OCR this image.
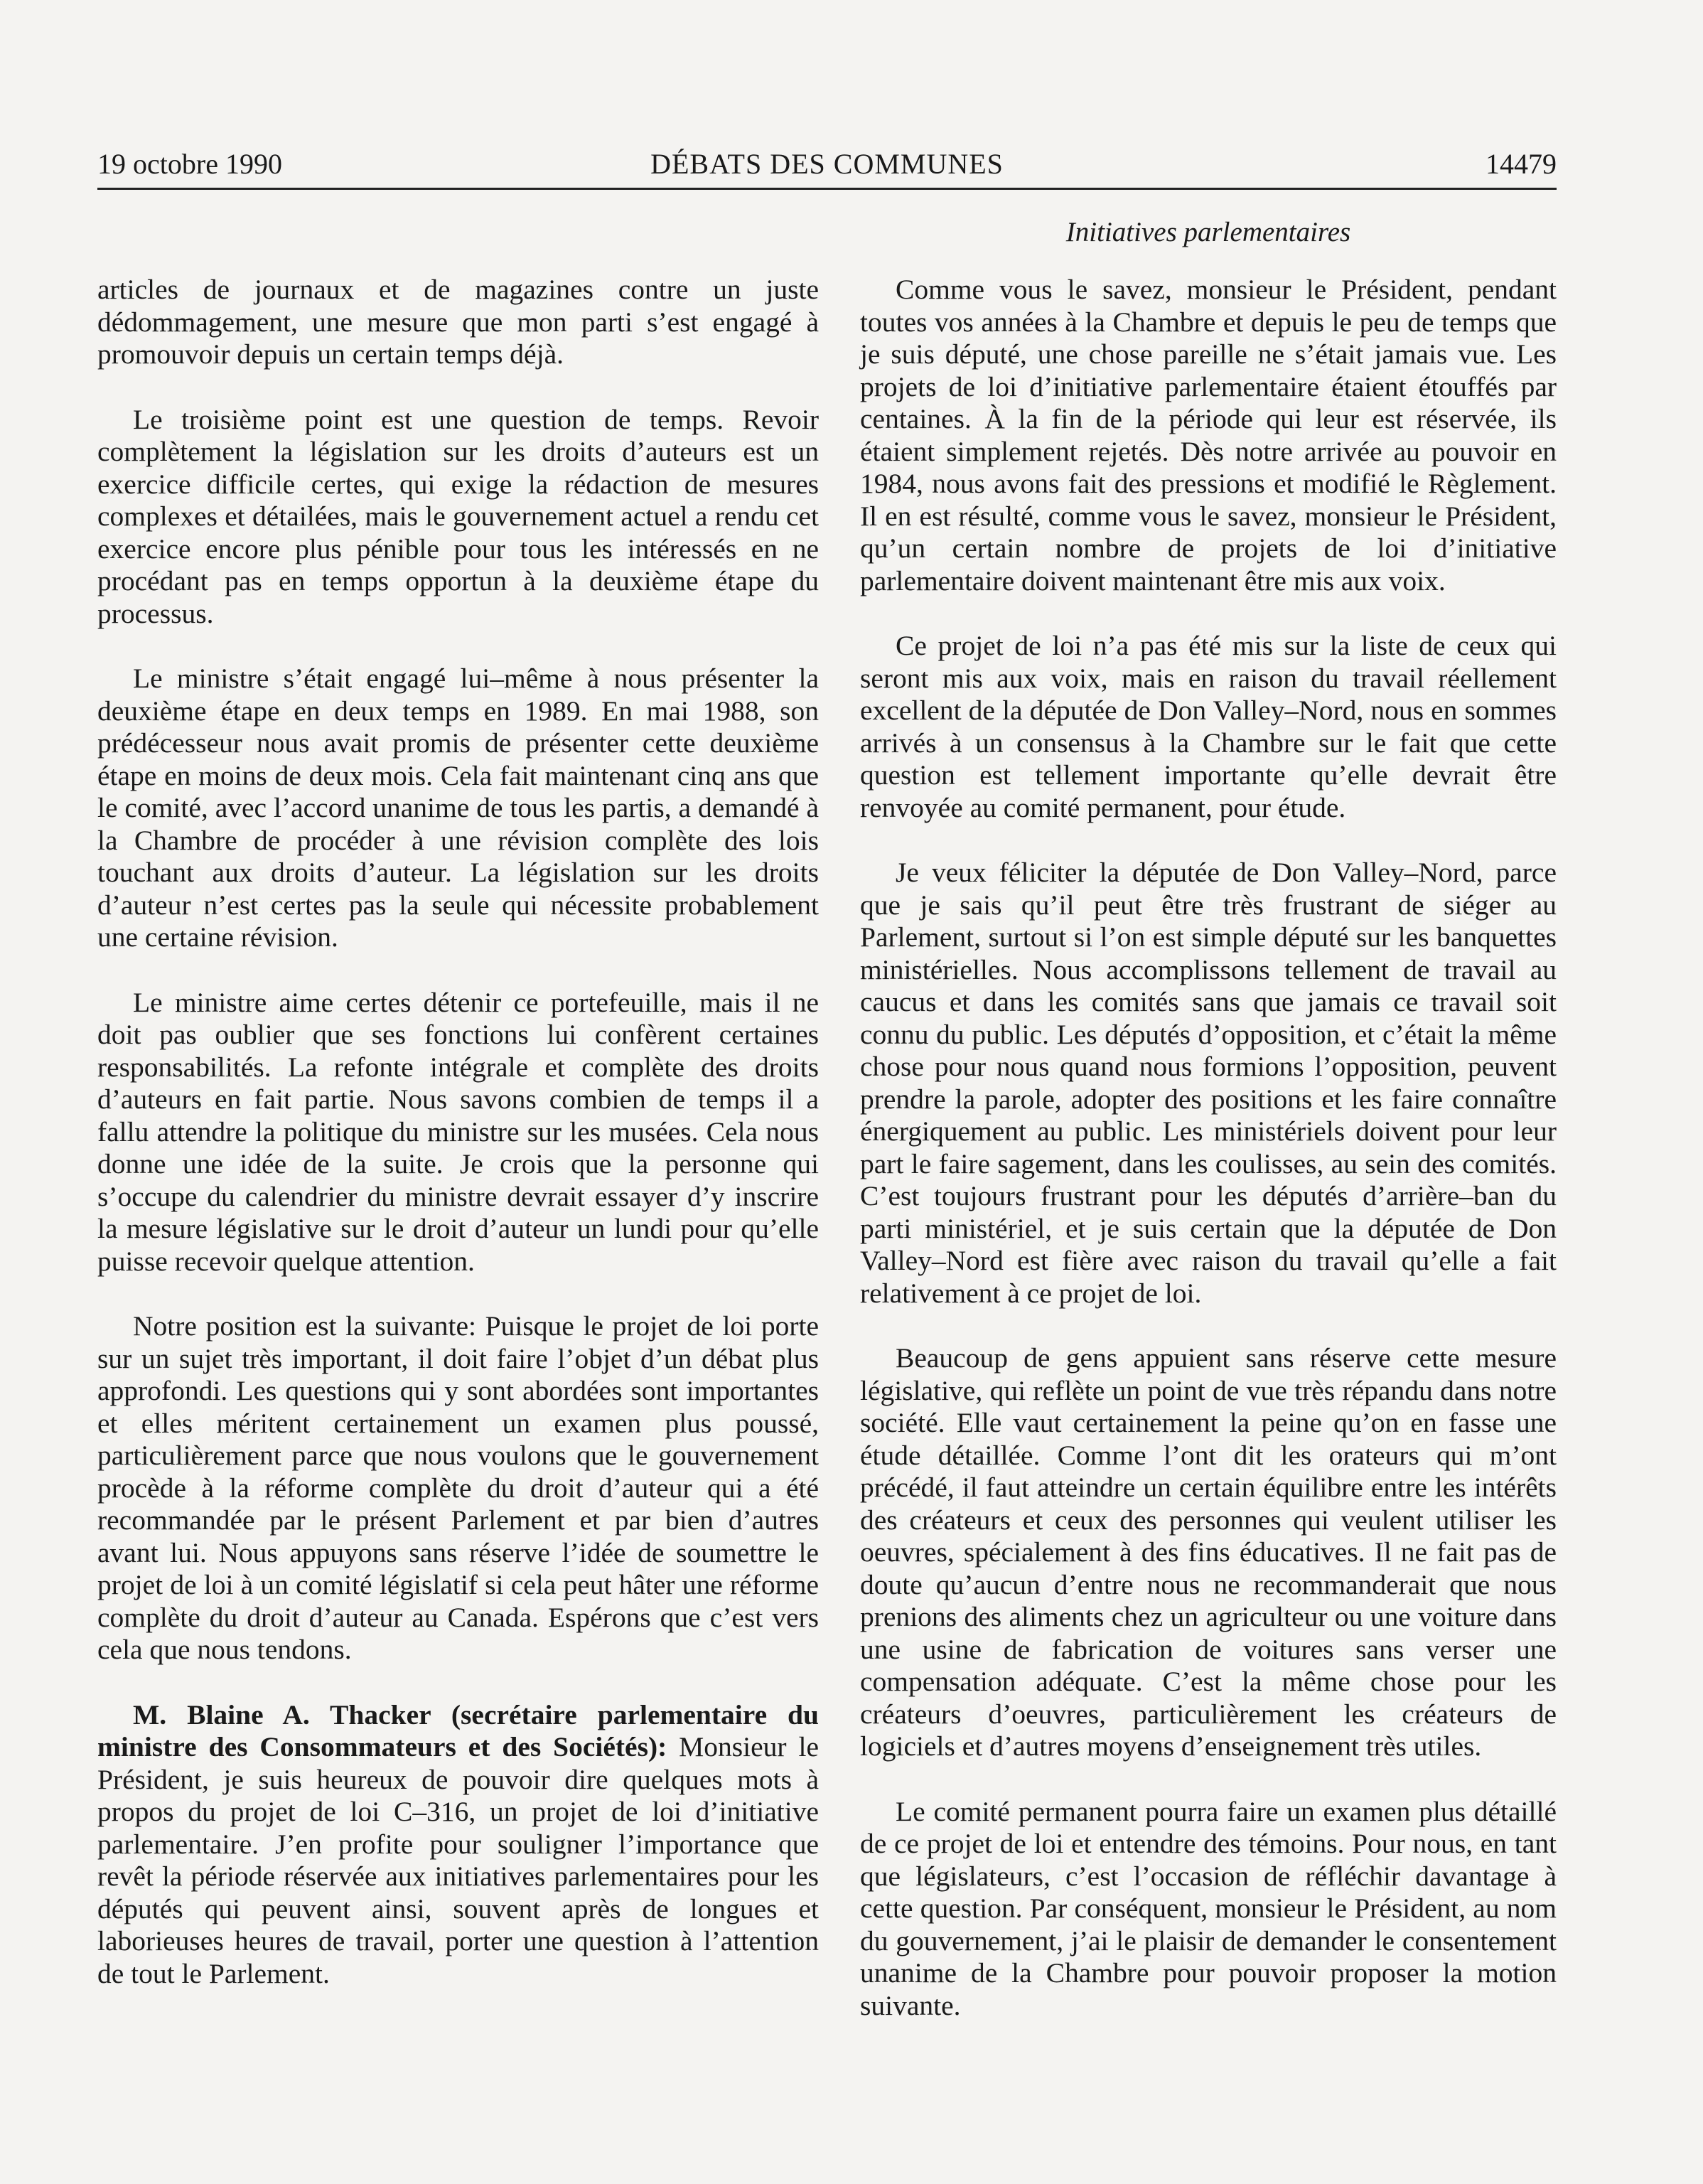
19 octobre 1990	DÉBATS DES COMMUNES	14479
Initiatives parlementaires

articles de journaux et de magazines contre un juste dédommagement, une mesure que mon parti s’est engagé à promouvoir depuis un certain temps déjà.

Le troisième point est une question de temps. Revoir complètement la législation sur les droits d’auteurs est un exercice difficile certes, qui exige la rédaction de mesures complexes et détailées, mais le gouvernement actuel a rendu cet exercice encore plus pénible pour tous les intéressés en ne procédant pas en temps opportun à la deuxième étape du processus.

Le ministre s’était engagé lui–même à nous présenter la deuxième étape en deux temps en 1989. En mai 1988, son prédécesseur nous avait promis de présenter cette deuxième étape en moins de deux mois. Cela fait maintenant cinq ans que le comité, avec l’accord unanime de tous les partis, a demandé à la Chambre de procéder à une révision complète des lois touchant aux droits d’auteur. La législation sur les droits d’auteur n’est certes pas la seule qui nécessite probablement une certaine révision.

Le ministre aime certes détenir ce portefeuille, mais il ne doit pas oublier que ses fonctions lui confèrent certaines responsabilités. La refonte intégrale et complète des droits d’auteurs en fait partie. Nous savons combien de temps il a fallu attendre la politique du ministre sur les musées. Cela nous donne une idée de la suite. Je crois que la personne qui s’occupe du calendrier du ministre devrait essayer d’y inscrire la mesure législative sur le droit d’auteur un lundi pour qu’elle puisse recevoir quelque attention.

Notre position est la suivante: Puisque le projet de loi porte sur un sujet très important, il doit faire l’objet d’un débat plus approfondi. Les questions qui y sont abordées sont importantes et elles méritent certainement un examen plus poussé, particulièrement parce que nous voulons que le gouvernement procède à la réforme complète du droit d’auteur qui a été recommandée par le présent Parlement et par bien d’autres avant lui. Nous appuyons sans réserve l’idée de soumettre le projet de loi à un comité législatif si cela peut hâter une réforme complète du droit d’auteur au Canada. Espérons que c’est vers cela que nous tendons.

M. Blaine A. Thacker (secrétaire parlementaire du ministre des Consommateurs et des Sociétés): Monsieur le Président, je suis heureux de pouvoir dire quelques mots à propos du projet de loi C–316, un projet de loi d’initiative parlementaire. J’en profite pour souligner l’importance que revêt la période réservée aux initiatives parlementaires pour les députés qui peuvent ainsi, souvent après de longues et laborieuses heures de travail, porter une question à l’attention de tout le Parlement.

Comme vous le savez, monsieur le Président, pendant toutes vos années à la Chambre et depuis le peu de temps que je suis député, une chose pareille ne s’était jamais vue. Les projets de loi d’initiative parlementaire étaient étouffés par centaines. À la fin de la période qui leur est réservée, ils étaient simplement rejetés. Dès notre arrivée au pouvoir en 1984, nous avons fait des pressions et modifié le Règlement. Il en est résulté, comme vous le savez, monsieur le Président, qu’un certain nombre de projets de loi d’initiative parlementaire doivent maintenant être mis aux voix.

Ce projet de loi n’a pas été mis sur la liste de ceux qui seront mis aux voix, mais en raison du travail réellement excellent de la députée de Don Valley–Nord, nous en sommes arrivés à un consensus à la Chambre sur le fait que cette question est tellement importante qu’elle devrait être renvoyée au comité permanent, pour étude.

Je veux féliciter la députée de Don Valley–Nord, parce que je sais qu’il peut être très frustrant de siéger au Parlement, surtout si l’on est simple député sur les banquettes ministérielles. Nous accomplissons tellement de travail au caucus et dans les comités sans que jamais ce travail soit connu du public. Les députés d’opposition, et c’était la même chose pour nous quand nous formions l’opposition, peuvent prendre la parole, adopter des positions et les faire connaître énergiquement au public. Les ministériels doivent pour leur part le faire sagement, dans les coulisses, au sein des comités. C’est toujours frustrant pour les députés d’arrière–ban du parti ministériel, et je suis certain que la députée de Don Valley–Nord est fière avec raison du travail qu’elle a fait relativement à ce projet de loi.

Beaucoup de gens appuient sans réserve cette mesure législative, qui reflète un point de vue très répandu dans notre société. Elle vaut certainement la peine qu’on en fasse une étude détaillée. Comme l’ont dit les orateurs qui m’ont précédé, il faut atteindre un certain équilibre entre les intérêts des créateurs et ceux des personnes qui veulent utiliser les oeuvres, spécialement à des fins éducatives. Il ne fait pas de doute qu’aucun d’entre nous ne recommanderait que nous prenions des aliments chez un agriculteur ou une voiture dans une usine de fabrication de voitures sans verser une compensation adéquate. C’est la même chose pour les créateurs d’oeuvres, particulièrement les créateurs de logiciels et d’autres moyens d’enseignement très utiles.

Le comité permanent pourra faire un examen plus détaillé de ce projet de loi et entendre des témoins. Pour nous, en tant que législateurs, c’est l’occasion de réfléchir davantage à cette question. Par conséquent, monsieur le Président, au nom du gouvernement, j’ai le plaisir de demander le consentement unanime de la Chambre pour pouvoir proposer la motion suivante.
